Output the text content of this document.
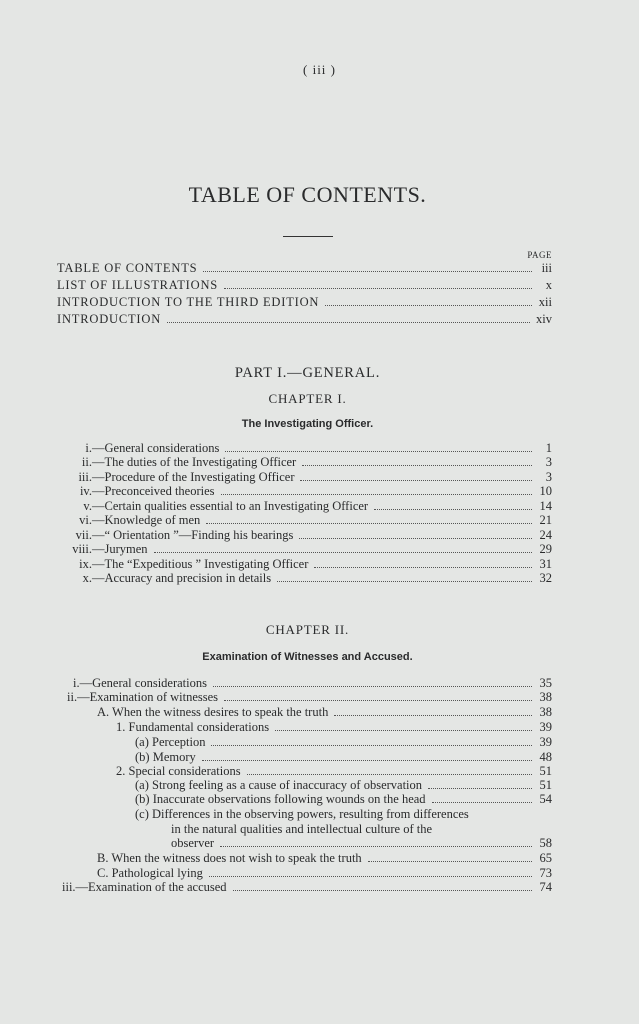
( iii )
TABLE OF CONTENTS.
PAGE
TABLE OF CONTENTS	iii
LIST OF ILLUSTRATIONS	x
INTRODUCTION TO THE THIRD EDITION	xii
INTRODUCTION	xiv
PART I.—GENERAL.
CHAPTER I.
The Investigating Officer.
i. —General considerations	1
ii. —The duties of the Investigating Officer	3
iii. —Procedure of the Investigating Officer	3
iv. —Preconceived theories	10
v. —Certain qualities essential to an Investigating Officer	14
vi. —Knowledge of men	21
vii. —“ Orientation ”—Finding his bearings	24
viii. —Jurymen	29
ix. —The “Expeditious ” Investigating Officer	31
x. —Accuracy and precision in details	32
CHAPTER II.
Examination of Witnesses and Accused.
i.—General considerations	35
ii.—Examination of witnesses	38
A. When the witness desires to speak the truth	38
1. Fundamental considerations	39
(a) Perception	39
(b) Memory	48
2. Special considerations	51
(a) Strong feeling as a cause of inaccuracy of observation	51
(b) Inaccurate observations following wounds on the head	54
(c) Differences in the observing powers, resulting from differences
in the natural qualities and intellectual culture of the
observer	58
B. When the witness does not wish to speak the truth	65
C. Pathological lying	73
iii.—Examination of the accused	74
